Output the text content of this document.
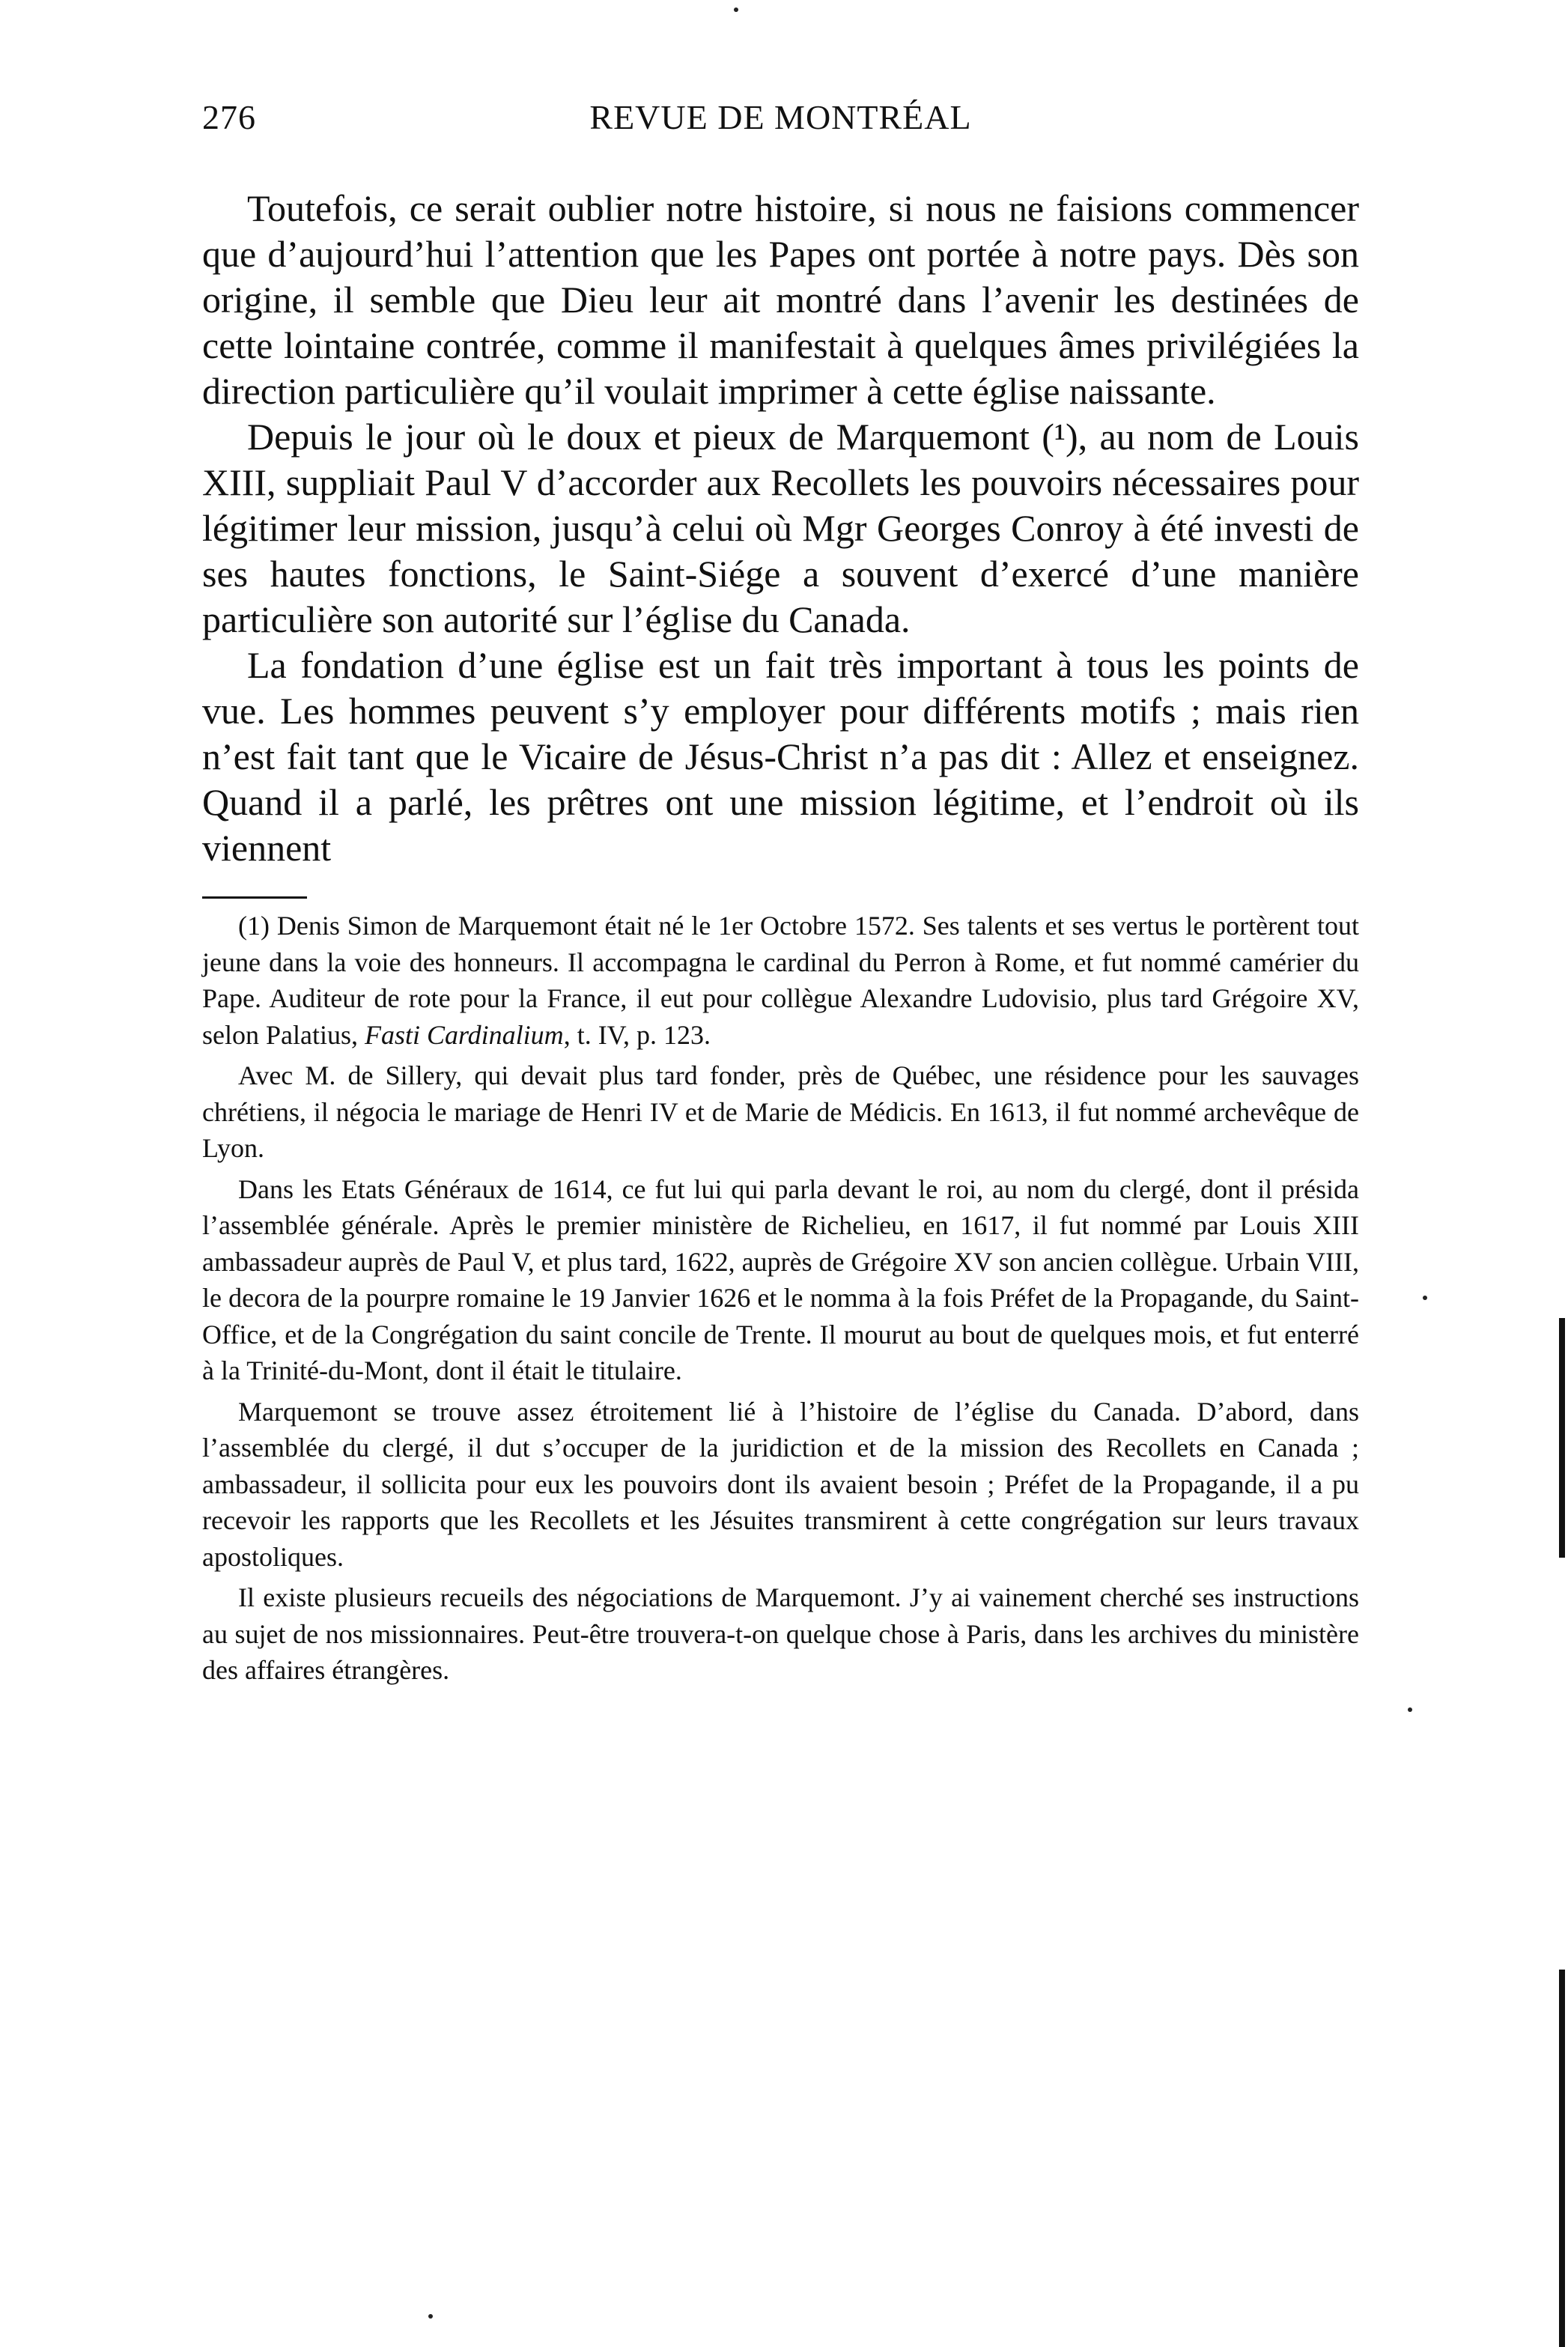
276	REVUE DE MONTRÉAL

Toutefois, ce serait oublier notre histoire, si nous ne faisions commencer que d’aujourd’hui l’attention que les Papes ont portée à notre pays. Dès son origine, il semble que Dieu leur ait montré dans l’avenir les destinées de cette lointaine contrée, comme il manifestait à quelques âmes privilégiées la direction particulière qu’il voulait imprimer à cette église naissante.

Depuis le jour où le doux et pieux de Marquemont (¹), au nom de Louis XIII, suppliait Paul V d’accorder aux Recollets les pouvoirs nécessaires pour légitimer leur mission, jusqu’à celui où Mgr Georges Conroy à été investi de ses hautes fonctions, le Saint-Siége a souvent d’exercé d’une manière particulière son autorité sur l’église du Canada.

La fondation d’une église est un fait très important à tous les points de vue. Les hommes peuvent s’y employer pour différents motifs ; mais rien n’est fait tant que le Vicaire de Jésus-Christ n’a pas dit : Allez et enseignez. Quand il a parlé, les prêtres ont une mission légitime, et l’endroit où ils viennent

(1) Denis Simon de Marquemont était né le 1er Octobre 1572. Ses talents et ses vertus le portèrent tout jeune dans la voie des honneurs. Il accompagna le cardinal du Perron à Rome, et fut nommé camérier du Pape. Auditeur de rote pour la France, il eut pour collègue Alexandre Ludovisio, plus tard Grégoire XV, selon Palatius, Fasti Cardinalium, t. IV, p. 123.

Avec M. de Sillery, qui devait plus tard fonder, près de Québec, une résidence pour les sauvages chrétiens, il négocia le mariage de Henri IV et de Marie de Médicis. En 1613, il fut nommé archevêque de Lyon.

Dans les Etats Généraux de 1614, ce fut lui qui parla devant le roi, au nom du clergé, dont il présida l’assemblée générale. Après le premier ministère de Richelieu, en 1617, il fut nommé par Louis XIII ambassadeur auprès de Paul V, et plus tard, 1622, auprès de Grégoire XV son ancien collègue. Urbain VIII, le decora de la pourpre romaine le 19 Janvier 1626 et le nomma à la fois Préfet de la Propagande, du Saint-Office, et de la Congrégation du saint concile de Trente. Il mourut au bout de quelques mois, et fut enterré à la Trinité-du-Mont, dont il était le titulaire.

Marquemont se trouve assez étroitement lié à l’histoire de l’église du Canada. D’abord, dans l’assemblée du clergé, il dut s’occuper de la juridiction et de la mission des Recollets en Canada ; ambassadeur, il sollicita pour eux les pouvoirs dont ils avaient besoin ; Préfet de la Propagande, il a pu recevoir les rapports que les Recollets et les Jésuites transmirent à cette congrégation sur leurs travaux apostoliques.

Il existe plusieurs recueils des négociations de Marquemont. J’y ai vainement cherché ses instructions au sujet de nos missionnaires. Peut-être trouvera-t-on quelque chose à Paris, dans les archives du ministère des affaires étrangères.
